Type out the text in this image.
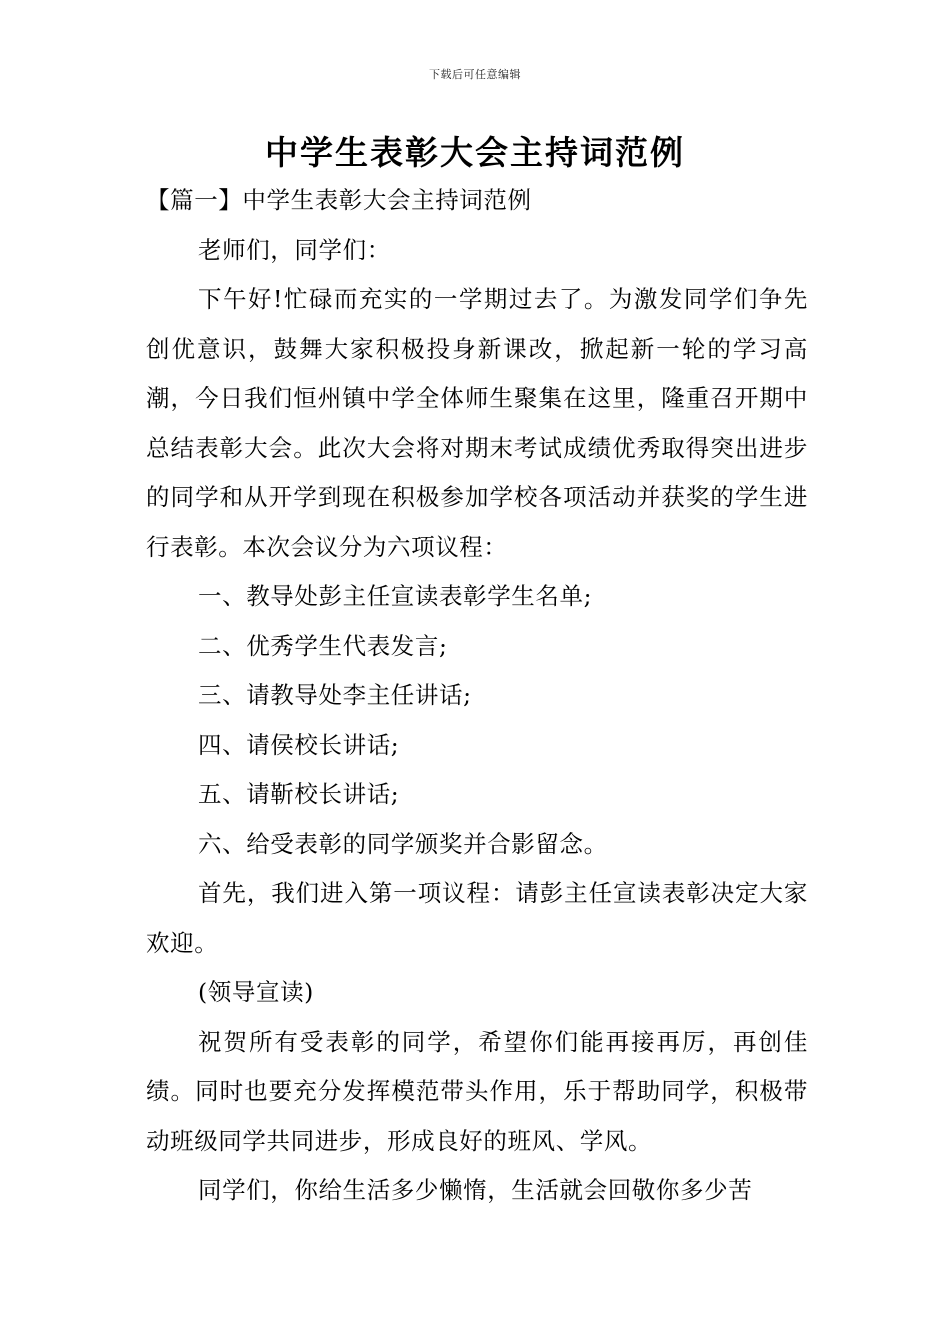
下载后可任意编辑
中学生表彰大会主持词范例

【篇一】中学生表彰大会主持词范例

老师们，同学们：

下午好!忙碌而充实的一学期过去了。为激发同学们争先创优意识，鼓舞大家积极投身新课改，掀起新一轮的学习高潮，今日我们恒州镇中学全体师生聚集在这里，隆重召开期中总结表彰大会。此次大会将对期末考试成绩优秀取得突出进步的同学和从开学到现在积极参加学校各项活动并获奖的学生进行表彰。本次会议分为六项议程：

一、教导处彭主任宣读表彰学生名单;

二、优秀学生代表发言;

三、请教导处李主任讲话;

四、请侯校长讲话;

五、请靳校长讲话;

六、给受表彰的同学颁奖并合影留念。

首先，我们进入第一项议程：请彭主任宣读表彰决定大家欢迎。

(领导宣读)

祝贺所有受表彰的同学，希望你们能再接再厉，再创佳绩。同时也要充分发挥模范带头作用，乐于帮助同学，积极带动班级同学共同进步，形成良好的班风、学风。

同学们，你给生活多少懒惰，生活就会回敬你多少苦
